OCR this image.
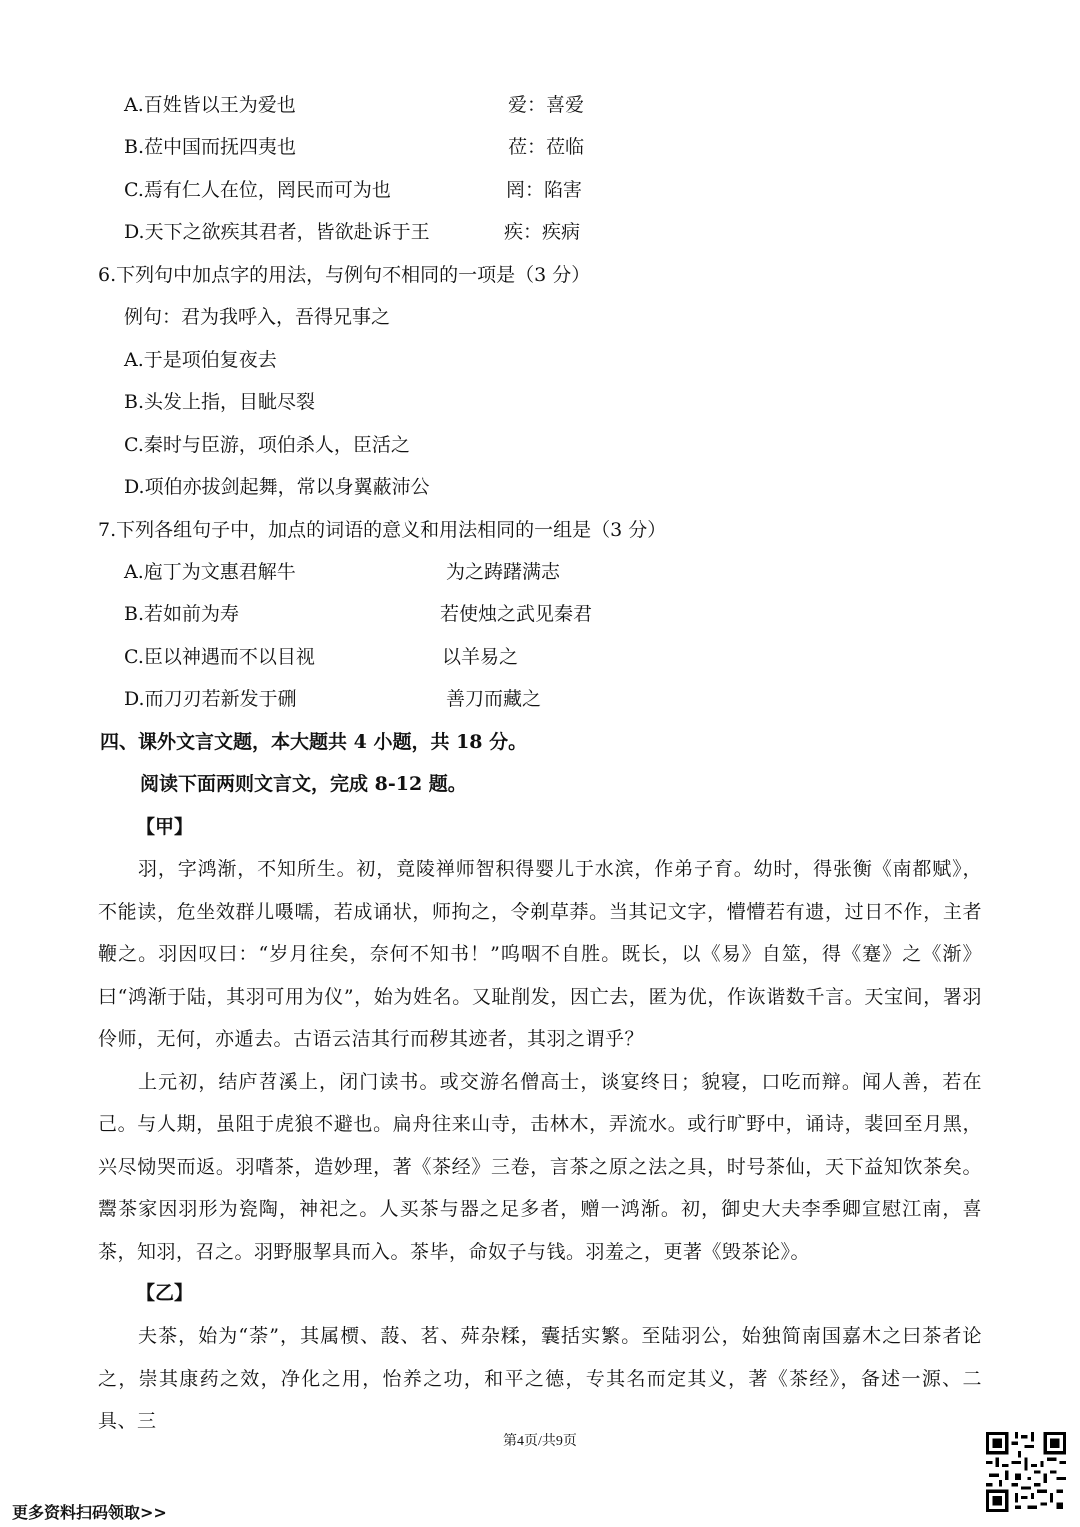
A.百姓皆以王为爱也	爱：喜爱
B.莅中国而抚四夷也	莅：莅临
C.焉有仁人在位，罔民而可为也	罔：陷害
D.天下之欲疾其君者，皆欲赴诉于王	疾：疾病
6.下列句中加点字的用法，与例句不相同的一项是（3 分）
例句：君为我呼入，吾得兄事之
A.于是项伯复夜去
B.头发上指，目眦尽裂
C.秦时与臣游，项伯杀人，臣活之
D.项伯亦拔剑起舞，常以身翼蔽沛公
7.下列各组句子中，加点的词语的意义和用法相同的一组是（3 分）
A.庖丁为文惠君解牛	为之踌躇满志
B.若如前为寿	若使烛之武见秦君
C.臣以神遇而不以目视	以羊易之
D.而刀刃若新发于硎	善刀而藏之
四、课外文言文题，本大题共 4 小题，共 18 分。
阅读下面两则文言文，完成 8-12 题。
【甲】

羽，字鸿渐，不知所生。初，竟陵禅师智积得婴儿于水滨，作弟子育。幼时，得张衡《南都赋》，不能读，危坐效群儿嗫嚅，若成诵状，师拘之，令剃草莽。当其记文字，懵懵若有遗，过日不作，主者鞭之。羽因叹曰：“岁月往矣，奈何不知书！”呜咽不自胜。既长，以《易》自筮，得《蹇》之《渐》曰“鸿渐于陆，其羽可用为仪”，始为姓名。又耻削发，因亡去，匿为优，作诙谐数千言。天宝间，署羽伶师，无何，亦遁去。古语云洁其行而秽其迹者，其羽之谓乎？

上元初，结庐苕溪上，闭门读书。或交游名僧高士，谈宴终日；貌寝，口吃而辩。闻人善，若在己。与人期，虽阻于虎狼不避也。扁舟往来山寺，击林木，弄流水。或行旷野中，诵诗，裴回至月黑，兴尽恸哭而返。羽嗜茶，造妙理，著《茶经》三卷，言茶之原之法之具，时号茶仙，天下益知饮茶矣。鬻茶家因羽形为瓷陶，神祀之。人买茶与器之足多者，赠一鸿渐。初，御史大夫李季卿宣慰江南，喜茶，知羽，召之。羽野服挈具而入。茶毕，命奴子与钱。羽羞之，更著《毁茶论》。

【乙】

夫茶，始为“荼”，其属槚、蔎、茗、荈杂糅，囊括实繁。至陆羽公，始独简南国嘉木之曰茶者论之，崇其康药之效，净化之用，怡养之功，和平之德，专其名而定其义，著《茶经》，备述一源、二具、三

第4页/共9页
更多资料扫码领取>>
